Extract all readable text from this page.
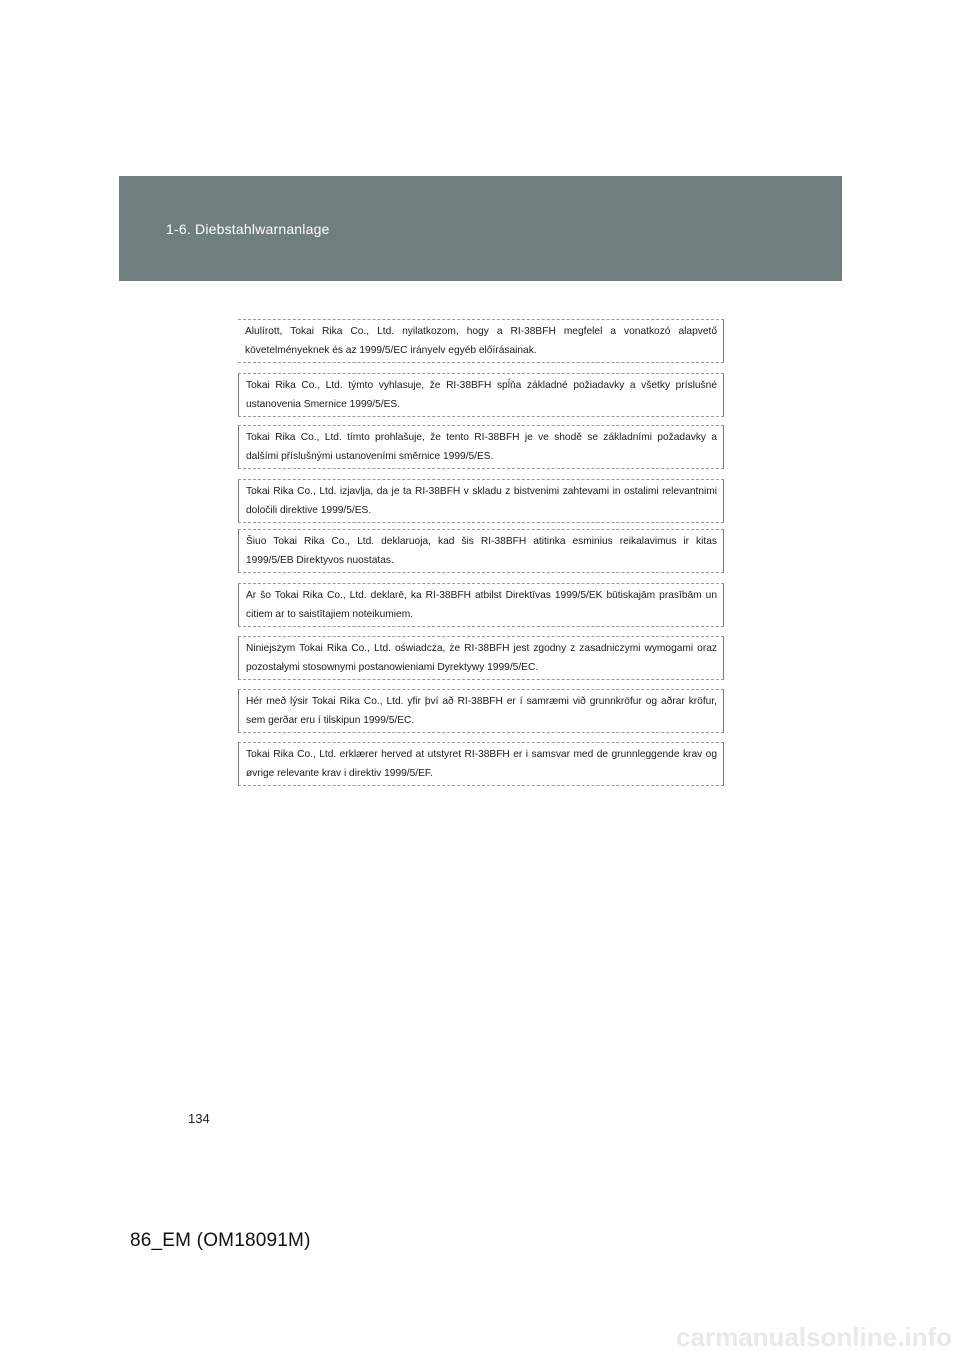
1-6. Diebstahlwarnanlage
Alulírott, Tokai Rika Co., Ltd. nyilatkozom, hogy a RI-38BFH megfelel a vonatkozó alapvető
követelményeknek és az 1999/5/EC irányelv egyéb előírásainak.
Tokai Rika Co., Ltd. týmto vyhlasuje, že RI-38BFH spĺňa základné požiadavky a všetky príslušné
ustanovenia Smernice 1999/5/ES.
Tokai Rika Co., Ltd. tímto prohlašuje, že tento RI-38BFH je ve shodě se základními požadavky a
dalšími příslušnými ustanoveními směrnice 1999/5/ES.
Tokai Rika Co., Ltd. izjavlja, da je ta RI-38BFH v skladu z bistvenimi zahtevami in ostalimi relevantnimi
določili direktive 1999/5/ES.
Šiuo Tokai Rika Co., Ltd. deklaruoja, kad šis RI-38BFH atitinka esminius reikalavimus ir kitas
1999/5/EB Direktyvos nuostatas.
Ar šo Tokai Rika Co., Ltd. deklarē, ka RI-38BFH atbilst Direktīvas 1999/5/EK būtiskajām prasībām un
citiem ar to saistītajiem noteikumiem.
Niniejszym Tokai Rika Co., Ltd. oświadcza, że RI-38BFH jest zgodny z zasadniczymi wymogami oraz
pozostałymi stosownymi postanowieniami Dyrektywy 1999/5/EC.
Hér með lýsir Tokai Rika Co., Ltd. yfir því að RI-38BFH er í samræmi við grunnkröfur og aðrar kröfur,
sem gerðar eru í tilskipun 1999/5/EC.
Tokai Rika Co., Ltd. erklærer herved at utstyret RI-38BFH er i samsvar med de grunnleggende krav og
øvrige relevante krav i direktiv 1999/5/EF.
134
86_EM (OM18091M)
carmanualsonline.info
